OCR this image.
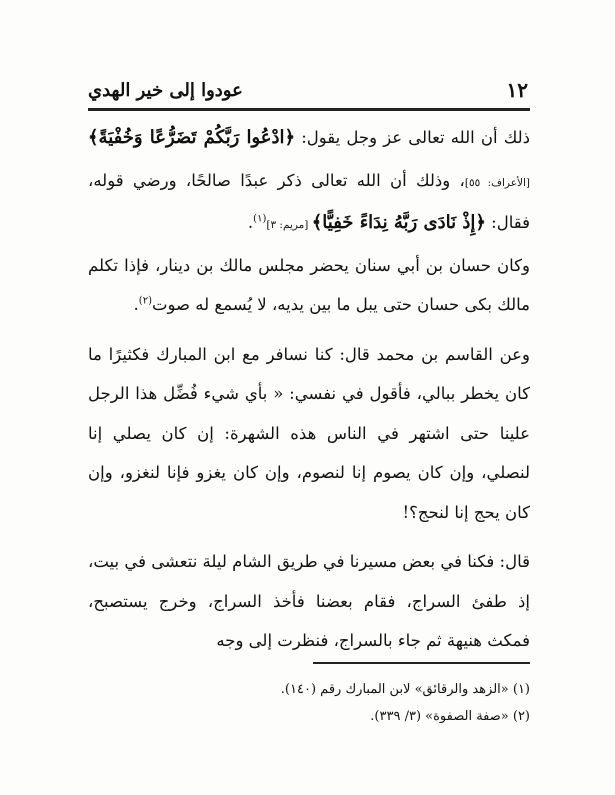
١٢
عودوا إلى خير الهدي

ذلك أن الله تعالى عز وجل يقول: ﴿ادْعُوا رَبَّكُمْ تَضَرُّعًا وَخُفْيَةً﴾ [الأعراف: ٥٥]، وذلك أن الله تعالى ذكر عبدًا صالحًا، ورضي قوله، فقال: ﴿إِذْ نَادَى رَبَّهُ نِدَاءً خَفِيًّا﴾ [مريم: ٣]$^{(١)}$.

وكان حسان بن أبي سنان يحضر مجلس مالك بن دينار، فإذا تكلم مالك بكى حسان حتى يبل ما بين يديه، لا يُسمع له صوت$^{(٢)}$.

وعن القاسم بن محمد قال: كنا نسافر مع ابن المبارك فكثيرًا ما كان يخطر ببالي، فأقول في نفسي: « بأي شيء فُضِّل هذا الرجل علينا حتى اشتهر في الناس هذه الشهرة: إن كان يصلي إنا لنصلي، وإن كان يصوم إنا لنصوم، وإن كان يغزو فإنا لنغزو، وإن كان يحج إنا لنحج؟!

قال: فكنا في بعض مسيرنا في طريق الشام ليلة نتعشى في بيت، إذ طفئ السراج، فقام بعضنا فأخذ السراج، وخرج يستصبح، فمكث هنيهة ثم جاء بالسراج، فنظرت إلى وجه

(١) «الزهد والرقائق» لابن المبارك رقم (١٤٠).
(٢) «صفة الصفوة» (٣/ ٣٣٩).
